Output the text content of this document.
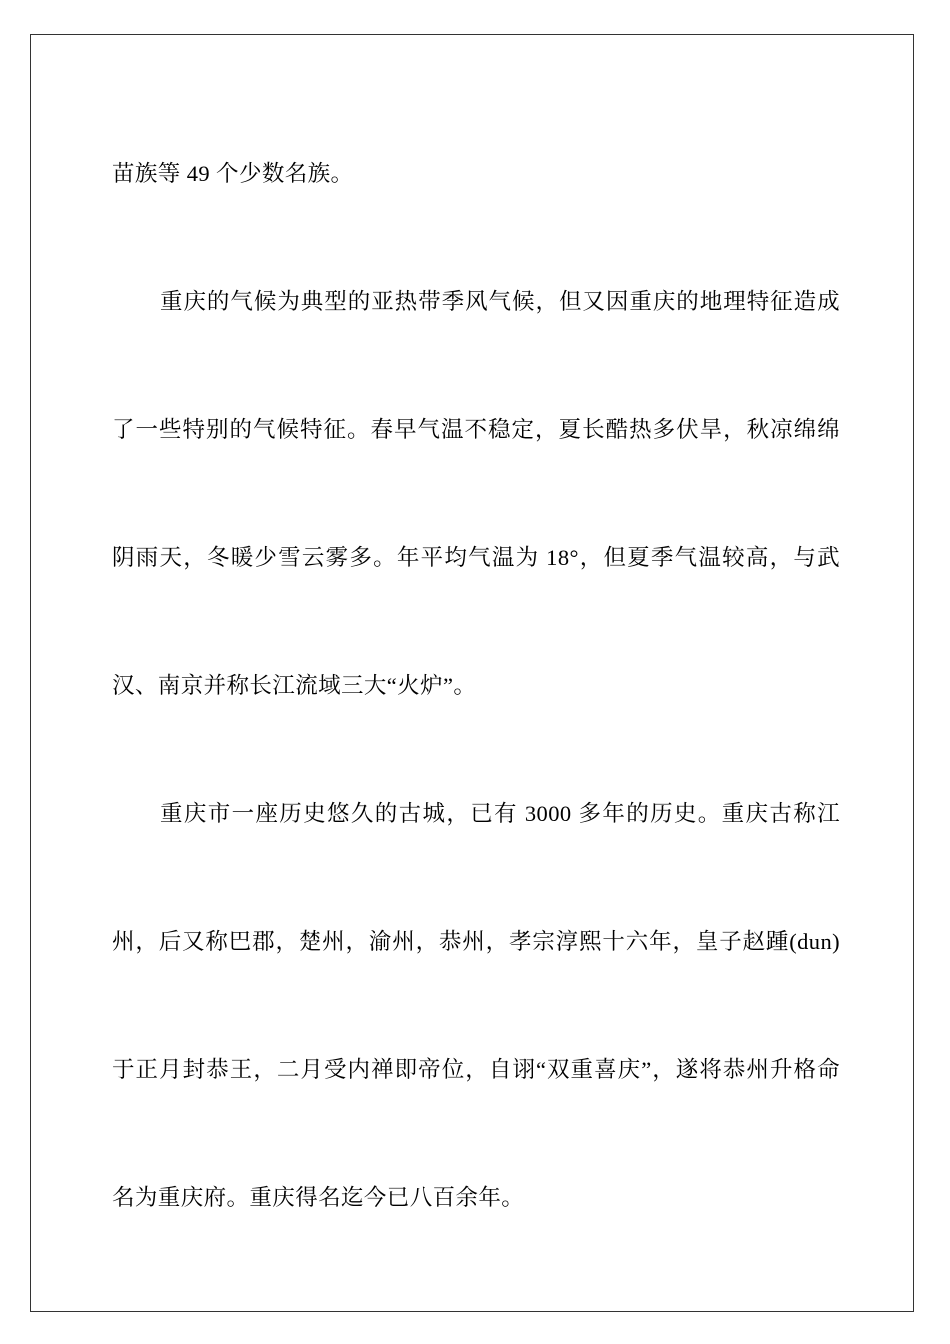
苗族等 49 个少数名族。

重庆的气候为典型的亚热带季风气候，但又因重庆的地理特征造成了一些特别的气候特征。春早气温不稳定，夏长酷热多伏旱，秋凉绵绵阴雨天，冬暖少雪云雾多。年平均气温为 18°，但夏季气温较高，与武汉、南京并称长江流域三大“火炉”。

重庆市一座历史悠久的古城，已有 3000 多年的历史。重庆古称江州，后又称巴郡，楚州，渝州，恭州，孝宗淳熙十六年，皇子赵踵(dun)于正月封恭王，二月受内禅即帝位，自诩“双重喜庆”，遂将恭州升格命名为重庆府。重庆得名迄今已八百余年。
